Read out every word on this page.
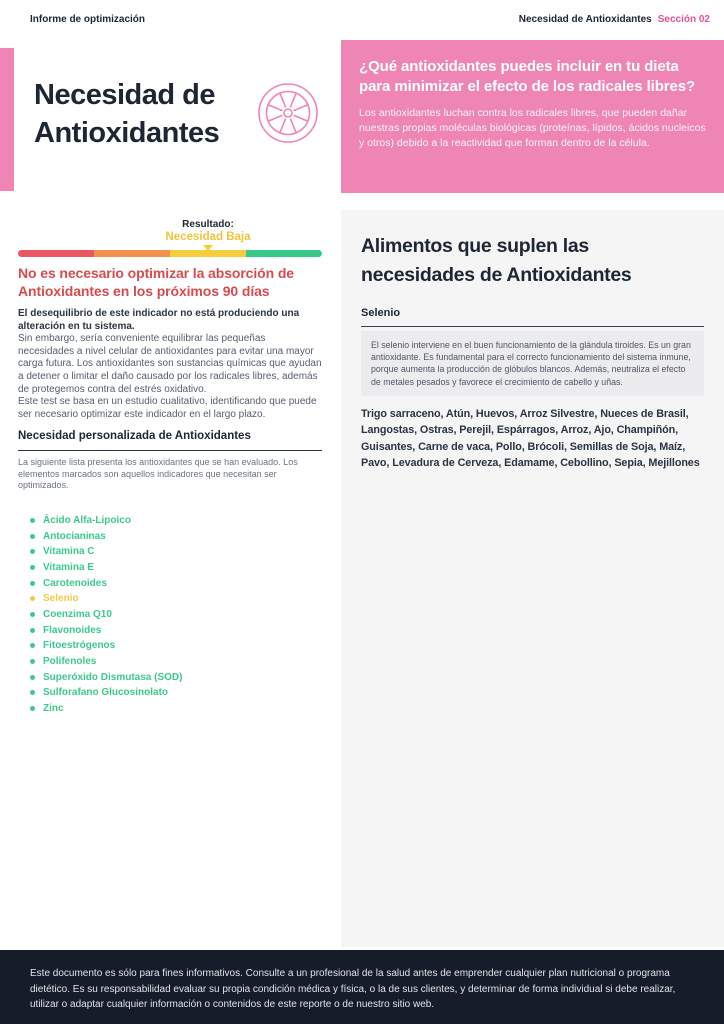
Informe de optimización	Necesidad de Antioxidantes Sección 02
Necesidad de
Antioxidantes
¿Qué antioxidantes puedes incluir en tu dieta para minimizar el efecto de los radicales libres?

Los antioxidantes luchan contra los radicales libres, que pueden dañar nuestras propias moléculas biológicas (proteínas, lípidos, ácidos nucleicos y otros) debido a la reactividad que forman dentro de la célula.

Resultado:
Necesidad Baja
No es necesario optimizar la absorción de Antioxidantes en los próximos 90 días

El desequilibrio de este indicador no está produciendo una alteración en tu sistema.

Sin embargo, sería conveniente equilibrar las pequeñas necesidades a nivel celular de antioxidantes para evitar una mayor carga futura. Los antioxidantes son sustancias químicas que ayudan a detener o limitar el daño causado por los radicales libres, además de protegemos contra del estrés oxidativo.

Este test se basa en un estudio cualitativo, identificando que puede ser necesario optimizar este indicador en el largo plazo.

Necesidad personalizada de Antioxidantes

La siguiente lista presenta los antioxidantes que se han evaluado. Los elementos marcados son aquellos indicadores que necesitan ser optimizados.

Ácido Alfa-Lipoico
Antocianinas
Vitamina C
Vitamina E
Carotenoides
Selenio
Coenzima Q10
Flavonoides
Fitoestrógenos
Polifenoles
Superóxido Dismutasa (SOD)
Sulforafano Glucosinolato
Zinc
Alimentos que suplen las necesidades de Antioxidantes
Selenio
El selenio interviene en el buen funcionamiento de la glándula tiroides. Es un gran antioxidante. Es fundamental para el correcto funcionamiento del sistema inmune, porque aumenta la producción de glóbulos blancos. Además, neutraliza el efecto de metales pesados y favorece el crecimiento de cabello y uñas.
Trigo sarraceno, Atún, Huevos, Arroz Silvestre, Nueces de Brasil, Langostas, Ostras, Perejil, Espárragos, Arroz, Ajo, Champiñón, Guisantes, Carne de vaca, Pollo, Brócoli, Semillas de Soja, Maíz, Pavo, Levadura de Cerveza, Edamame, Cebollino, Sepia, Mejillones

Este documento es sólo para fines informativos. Consulte a un profesional de la salud antes de emprender cualquier plan nutricional o programa dietético. Es su responsabilidad evaluar su propia condición médica y física, o la de sus clientes, y determinar de forma individual si debe realizar, utilizar o adaptar cualquier información o contenidos de este reporte o de nuestro sitio web.
